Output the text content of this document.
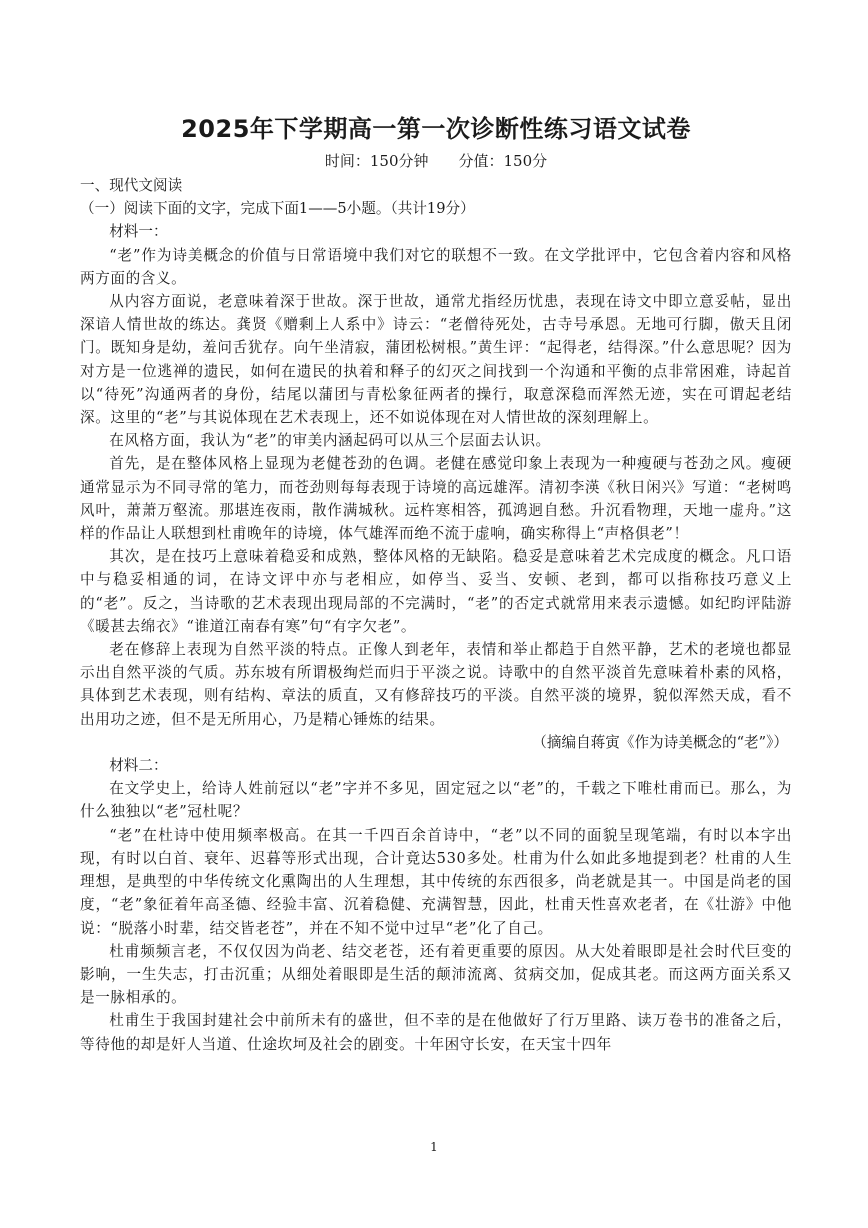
2025年下学期高一第一次诊断性练习语文试卷

时间：150分钟　　分值：150分

一、现代文阅读

（一）阅读下面的文字，完成下面1——5小题。（共计19分）

材料一：

“老”作为诗美概念的价值与日常语境中我们对它的联想不一致。在文学批评中，它包含着内容和风格两方面的含义。

从内容方面说，老意味着深于世故。深于世故，通常尤指经历忧患，表现在诗文中即立意妥帖，显出深谙人情世故的练达。龚贤《赠剩上人系中》诗云：“老僧待死处，古寺号承恩。无地可行脚，傲天且闭门。既知身是幼，羞问舌犹存。向午坐清寂，蒲团松树根。”黄生评：“起得老，结得深。”什么意思呢？因为对方是一位逃禅的遗民，如何在遗民的执着和释子的幻灭之间找到一个沟通和平衡的点非常困难，诗起首以“待死”沟通两者的身份，结尾以蒲团与青松象征两者的操行，取意深稳而浑然无迹，实在可谓起老结深。这里的“老”与其说体现在艺术表现上，还不如说体现在对人情世故的深刻理解上。

在风格方面，我认为“老”的审美内涵起码可以从三个层面去认识。

首先，是在整体风格上显现为老健苍劲的色调。老健在感觉印象上表现为一种瘦硬与苍劲之风。瘦硬通常显示为不同寻常的笔力，而苍劲则每每表现于诗境的高远雄浑。清初李渶《秋日闲兴》写道：“老树鸣风叶，萧萧万壑流。那堪连夜雨，散作满城秋。远杵寒相答，孤鸿迥自愁。升沉看物理，天地一虚舟。”这样的作品让人联想到杜甫晚年的诗境，体气雄浑而绝不流于虚响，确实称得上“声格俱老”！

其次，是在技巧上意味着稳妥和成熟，整体风格的无缺陷。稳妥是意味着艺术完成度的概念。凡口语中与稳妥相通的词，在诗文评中亦与老相应，如停当、妥当、安顿、老到，都可以指称技巧意义上的“老”。反之，当诗歌的艺术表现出现局部的不完满时，“老”的否定式就常用来表示遗憾。如纪昀评陆游《暖甚去绵衣》“谁道江南春有寒”句“有字欠老”。

老在修辞上表现为自然平淡的特点。正像人到老年，表情和举止都趋于自然平静，艺术的老境也都显示出自然平淡的气质。苏东坡有所谓极绚烂而归于平淡之说。诗歌中的自然平淡首先意味着朴素的风格，具体到艺术表现，则有结构、章法的质直，又有修辞技巧的平淡。自然平淡的境界，貌似浑然天成，看不出用功之迹，但不是无所用心，乃是精心锤炼的结果。

（摘编自蒋寅《作为诗美概念的“老”》）

材料二：

在文学史上，给诗人姓前冠以“老”字并不多见，固定冠之以“老”的，千载之下唯杜甫而已。那么，为什么独独以“老”冠杜呢？

“老”在杜诗中使用频率极高。在其一千四百余首诗中，“老”以不同的面貌呈现笔端，有时以本字出现，有时以白首、衰年、迟暮等形式出现，合计竟达530多处。杜甫为什么如此多地提到老？杜甫的人生理想，是典型的中华传统文化熏陶出的人生理想，其中传统的东西很多，尚老就是其一。中国是尚老的国度，“老”象征着年高圣德、经验丰富、沉着稳健、充满智慧，因此，杜甫天性喜欢老者，在《壮游》中他说：“脱落小时辈，结交皆老苍”，并在不知不觉中过早“老”化了自己。

杜甫频频言老，不仅仅因为尚老、结交老苍，还有着更重要的原因。从大处着眼即是社会时代巨变的影响，一生失志，打击沉重；从细处着眼即是生活的颠沛流离、贫病交加，促成其老。而这两方面关系又是一脉相承的。

杜甫生于我国封建社会中前所未有的盛世，但不幸的是在他做好了行万里路、读万卷书的准备之后，等待他的却是奸人当道、仕途坎坷及社会的剧变。十年困守长安，在天宝十四年

1
